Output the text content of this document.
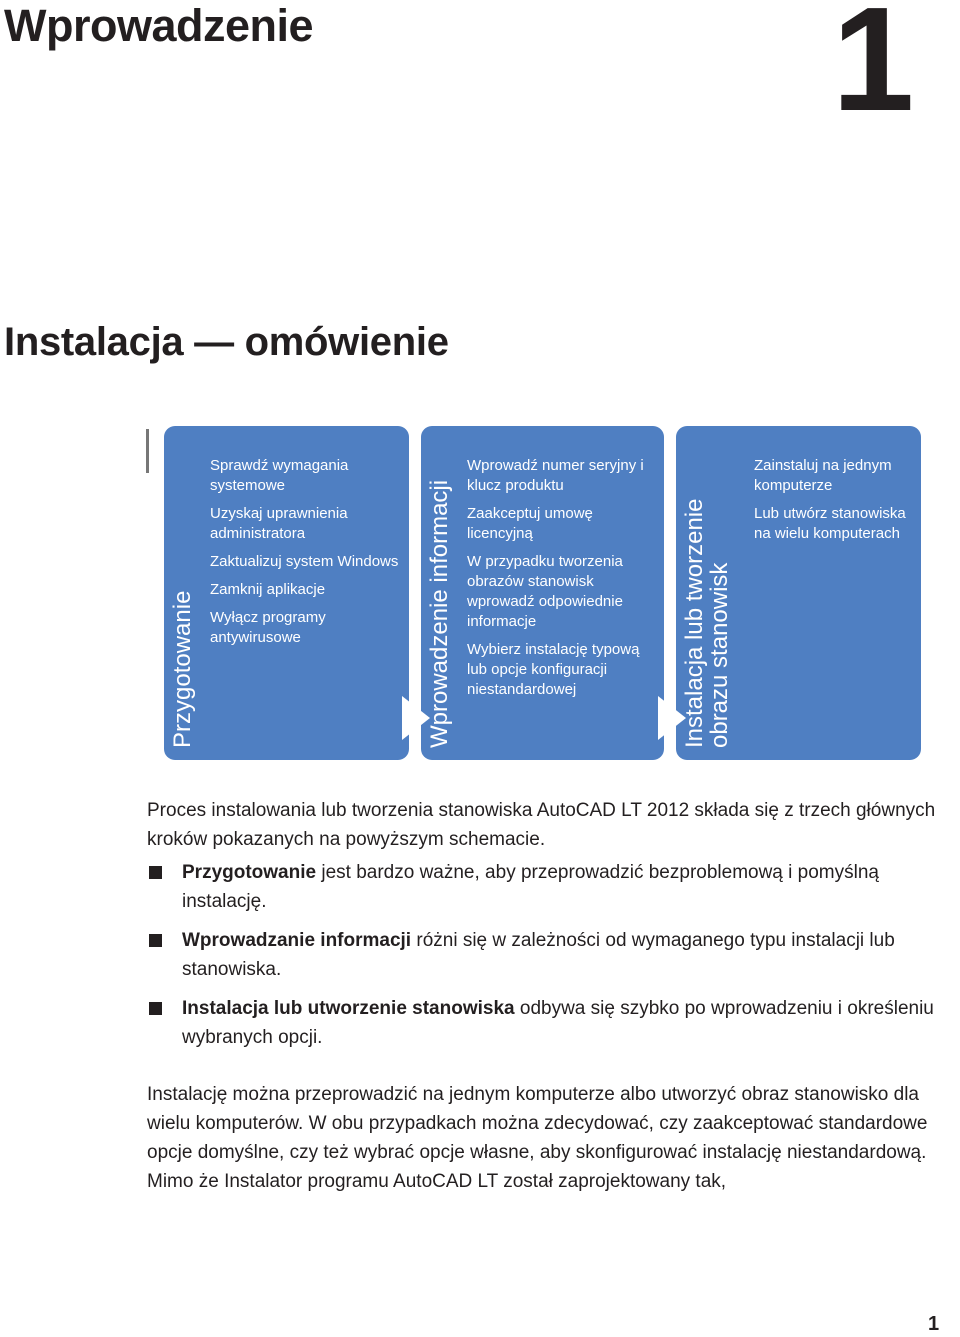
Wprowadzenie	1
Instalacja — omówienie
Przygotowanie
Sprawdź wymagania systemowe
Uzyskaj uprawnienia administratora
Zaktualizuj system Windows
Zamknij aplikacje
Wyłącz programy antywirusowe	Wprowadzenie informacji
Wprowadź numer seryjny i klucz produktu
Zaakceptuj umowę licencyjną
W przypadku tworzenia obrazów stanowisk wprowadź odpowiednie informacje
Wybierz instalację typową lub opcje konfiguracji niestandardowej	Instalacja lub tworzenie
obrazu stanowisk
Zainstaluj na jednym komputerze
Lub utwórz stanowiska na wielu komputerach
Proces instalowania lub tworzenia stanowiska AutoCAD LT 2012 składa się z trzech głównych kroków pokazanych na powyższym schemacie.
Przygotowanie jest bardzo ważne, aby przeprowadzić bezproblemową i pomyślną instalację.
Wprowadzanie informacji różni się w zależności od wymaganego typu instalacji lub stanowiska.
Instalacja lub utworzenie stanowiska odbywa się szybko po wprowadzeniu i określeniu wybranych opcji.
Instalację można przeprowadzić na jednym komputerze albo utworzyć obraz stanowisko dla wielu komputerów. W obu przypadkach można zdecydować, czy zaakceptować standardowe opcje domyślne, czy też wybrać opcje własne, aby skonfigurować instalację niestandardową. Mimo że Instalator programu AutoCAD LT został zaprojektowany tak,
1
